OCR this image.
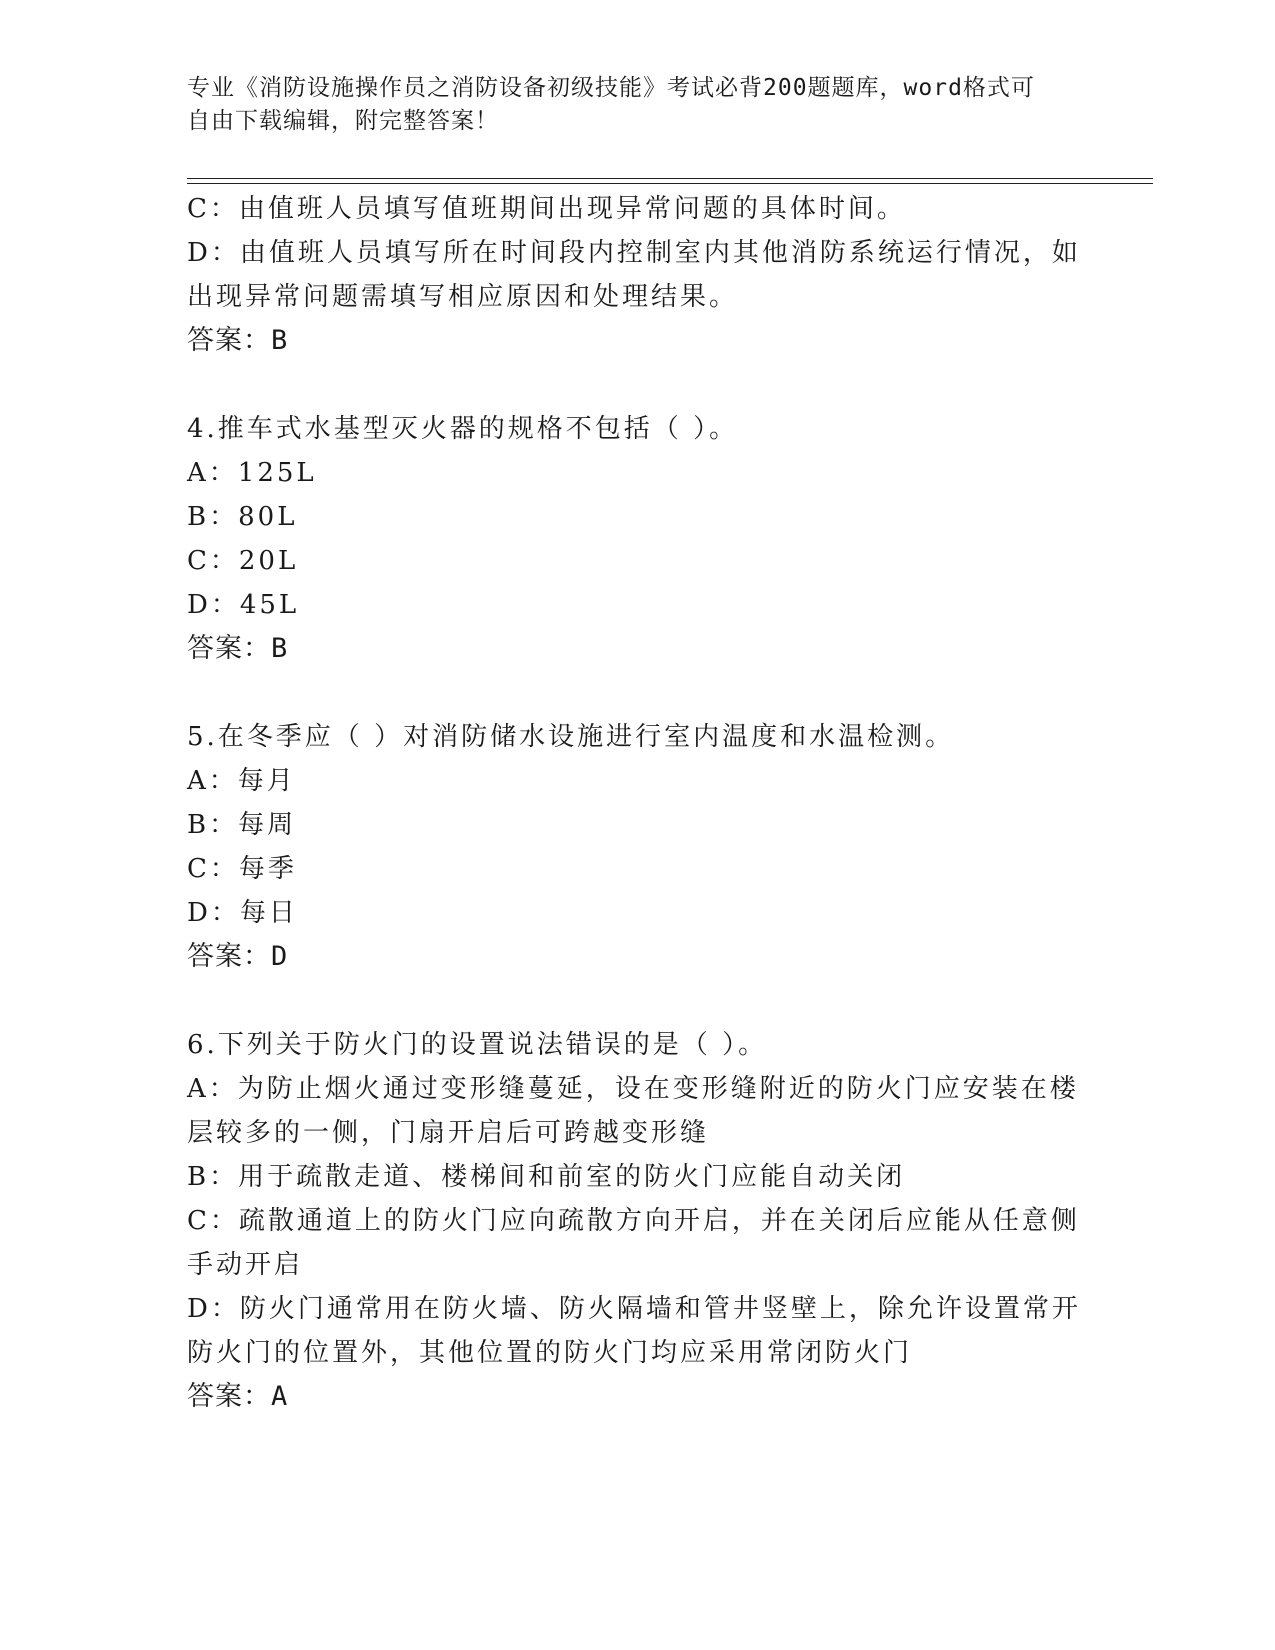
专业《消防设施操作员之消防设备初级技能》考试必背200题题库，word格式可
自由下载编辑，附完整答案！
C：由值班人员填写值班期间出现异常问题的具体时间。
D：由值班人员填写所在时间段内控制室内其他消防系统运行情况，如
出现异常问题需填写相应原因和处理结果。
答案：B
4.推车式水基型灭火器的规格不包括（ ）。
A：125L
B：80L
C：20L
D：45L
答案：B
5.在冬季应（ ）对消防储水设施进行室内温度和水温检测。
A：每月
B：每周
C：每季
D：每日
答案：D
6.下列关于防火门的设置说法错误的是（ ）。
A：为防止烟火通过变形缝蔓延，设在变形缝附近的防火门应安装在楼
层较多的一侧，门扇开启后可跨越变形缝
B：用于疏散走道、楼梯间和前室的防火门应能自动关闭
C：疏散通道上的防火门应向疏散方向开启，并在关闭后应能从任意侧
手动开启
D：防火门通常用在防火墙、防火隔墙和管井竖壁上，除允许设置常开
防火门的位置外，其他位置的防火门均应采用常闭防火门
答案：A
